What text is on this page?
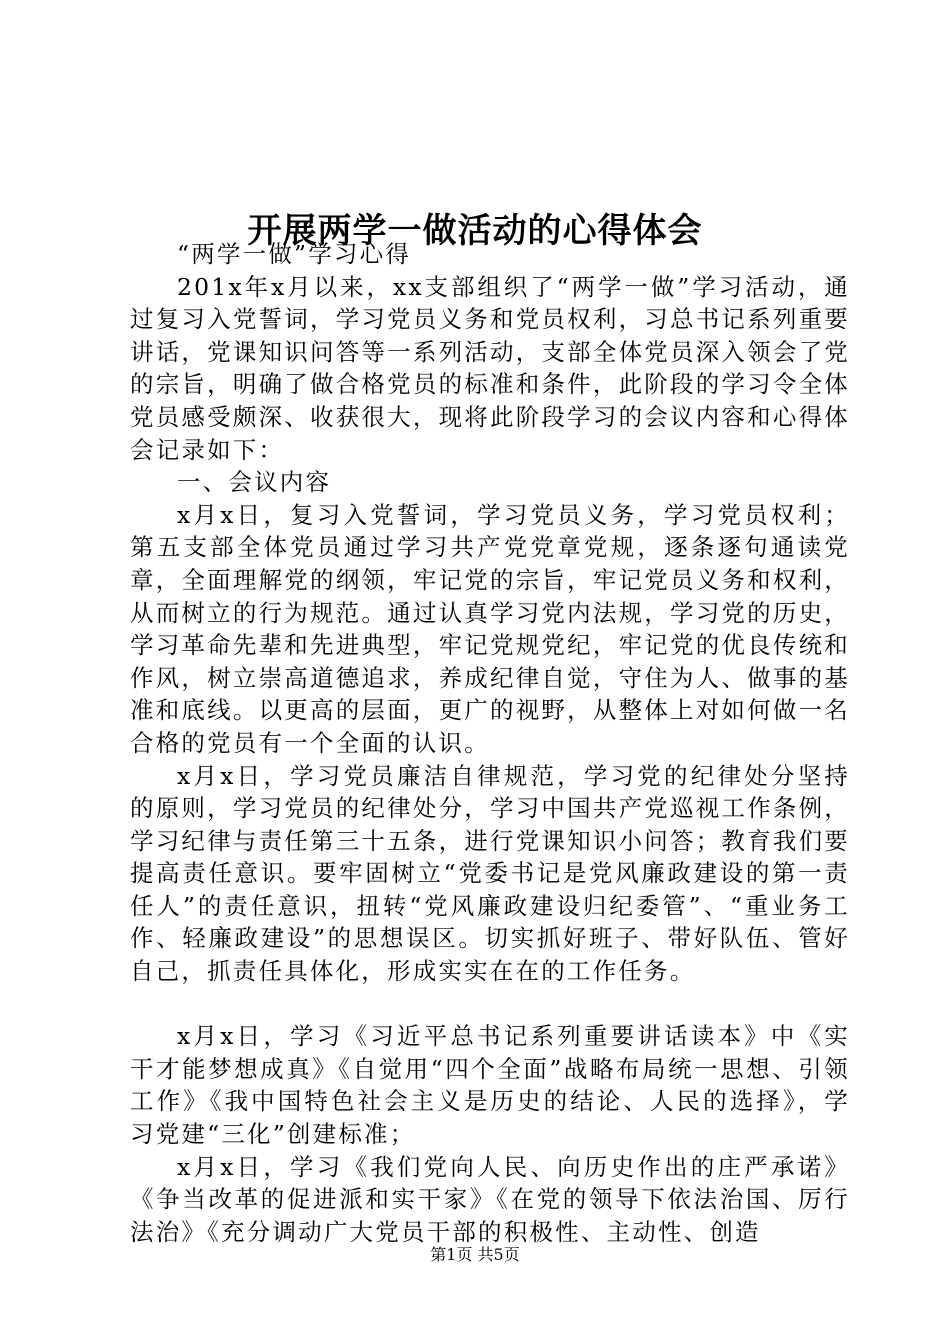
开展两学一做活动的心得体会

“两学一做”学习心得

201x年x月以来，xx支部组织了“两学一做”学习活动，通过复习入党誓词，学习党员义务和党员权利，习总书记系列重要讲话，党课知识问答等一系列活动，支部全体党员深入领会了党的宗旨，明确了做合格党员的标准和条件，此阶段的学习令全体党员感受颇深、收获很大，现将此阶段学习的会议内容和心得体会记录如下：

一、会议内容

x月x日，复习入党誓词，学习党员义务，学习党员权利；第五支部全体党员通过学习共产党党章党规，逐条逐句通读党章，全面理解党的纲领，牢记党的宗旨，牢记党员义务和权利，从而树立的行为规范。通过认真学习党内法规，学习党的历史，学习革命先辈和先进典型，牢记党规党纪，牢记党的优良传统和作风，树立崇高道德追求，养成纪律自觉，守住为人、做事的基准和底线。以更高的层面，更广的视野，从整体上对如何做一名合格的党员有一个全面的认识。

x月x日，学习党员廉洁自律规范，学习党的纪律处分坚持的原则，学习党员的纪律处分，学习中国共产党巡视工作条例，学习纪律与责任第三十五条，进行党课知识小问答；教育我们要提高责任意识。要牢固树立“党委书记是党风廉政建设的第一责任人”的责任意识，扭转“党风廉政建设归纪委管”、“重业务工作、轻廉政建设”的思想误区。切实抓好班子、带好队伍、管好自己，抓责任具体化，形成实实在在的工作任务。

x月x日，学习《习近平总书记系列重要讲话读本》中《实干才能梦想成真》《自觉用“四个全面”战略布局统一思想、引领工作》《我中国特色社会主义是历史的结论、人民的选择》，学习党建“三化”创建标准；

x月x日，学习《我们党向人民、向历史作出的庄严承诺》《争当改革的促进派和实干家》《在党的领导下依法治国、厉行法治》《充分调动广大党员干部的积极性、主动性、创造

第1页 共5页
